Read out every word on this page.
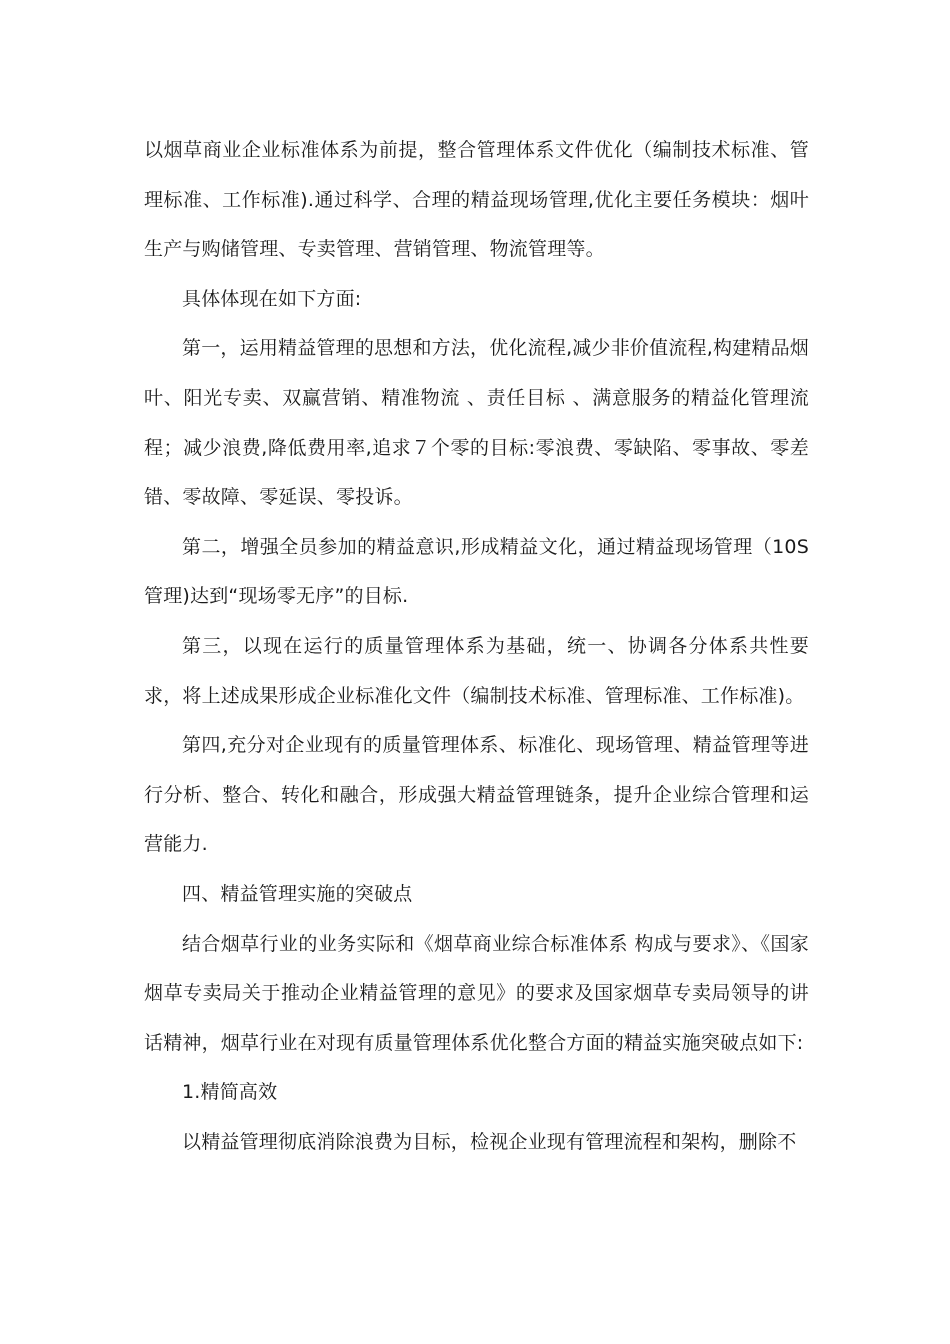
以烟草商业企业标准体系为前提，整合管理体系文件优化（编制技术标准、管理标准、工作标准).通过科学、合理的精益现场管理,优化主要任务模块：烟叶生产与购储管理、专卖管理、营销管理、物流管理等。

具体体现在如下方面:

第一，运用精益管理的思想和方法，优化流程,减少非价值流程,构建精品烟叶、阳光专卖、双赢营销、精准物流 、责任目标 、满意服务的精益化管理流程；减少浪费,降低费用率,追求７个零的目标:零浪费、零缺陷、零事故、零差错、零故障、零延误、零投诉。

第二，增强全员参加的精益意识,形成精益文化，通过精益现场管理（10S管理)达到“现场零无序”的目标.

第三，以现在运行的质量管理体系为基础，统一、协调各分体系共性要求，将上述成果形成企业标准化文件（编制技术标准、管理标准、工作标准)。

第四,充分对企业现有的质量管理体系、标准化、现场管理、精益管理等进行分析、整合、转化和融合，形成强大精益管理链条，提升企业综合管理和运营能力.

四、精益管理实施的突破点

结合烟草行业的业务实际和《烟草商业综合标准体系 构成与要求》、《国家烟草专卖局关于推动企业精益管理的意见》的要求及国家烟草专卖局领导的讲话精神，烟草行业在对现有质量管理体系优化整合方面的精益实施突破点如下:

1.精简高效

以精益管理彻底消除浪费为目标，检视企业现有管理流程和架构，删除不
